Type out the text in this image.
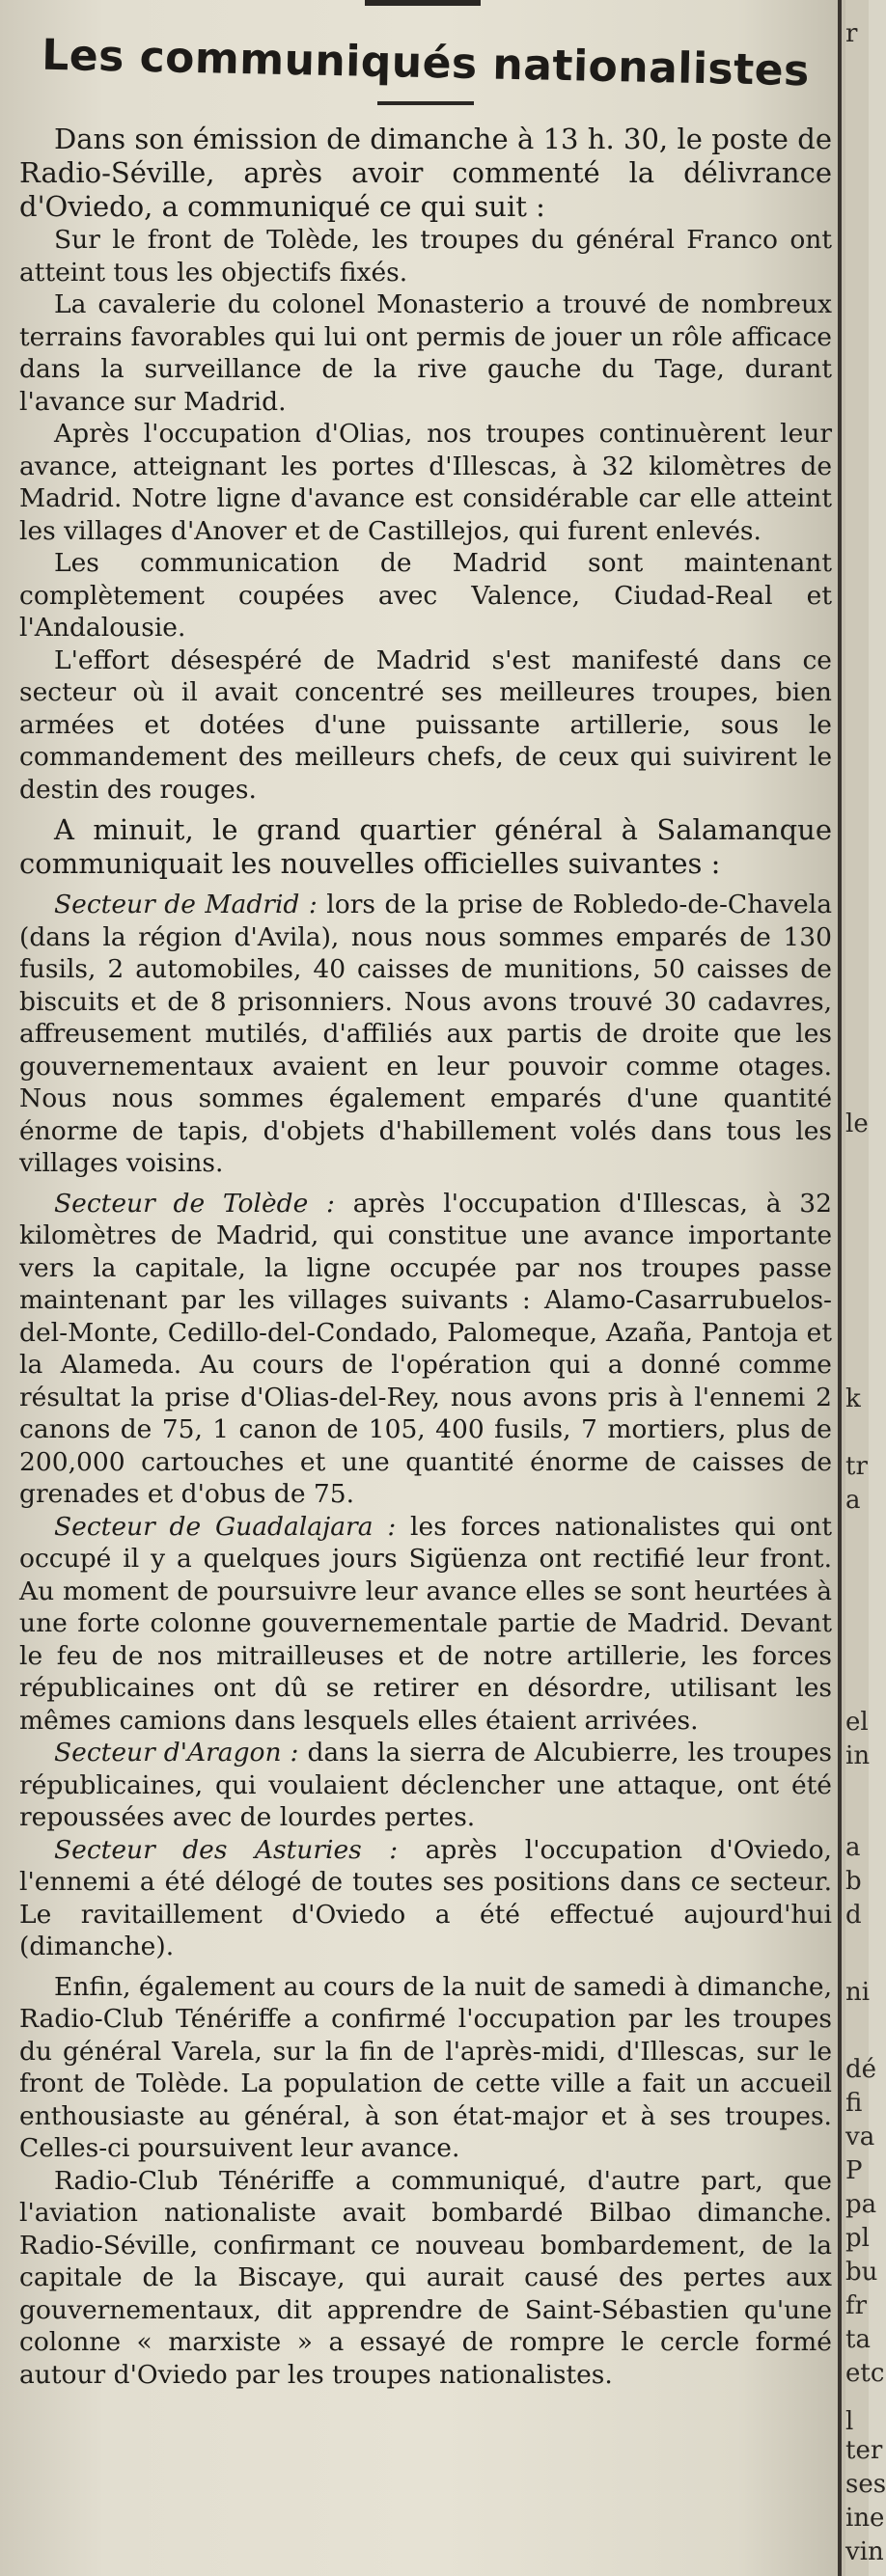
Les communiqués nationalistes

Dans son émission de dimanche à 13 h. 30, le poste de Radio-Séville, après avoir commenté la délivrance d'Oviedo, a communiqué ce qui suit :

Sur le front de Tolède, les troupes du général Franco ont atteint tous les objectifs fixés.

La cavalerie du colonel Monasterio a trouvé de nombreux terrains favorables qui lui ont permis de jouer un rôle afficace dans la surveillance de la rive gauche du Tage, durant l'avance sur Madrid.

Après l'occupation d'Olias, nos troupes continuèrent leur avance, atteignant les portes d'Illescas, à 32 kilomètres de Madrid. Notre ligne d'avance est considérable car elle atteint les villages d'Anover et de Castillejos, qui furent enlevés.

Les communication de Madrid sont maintenant complètement coupées avec Valence, Ciudad-Real et l'Andalousie.

L'effort désespéré de Madrid s'est manifesté dans ce secteur où il avait concentré ses meilleures troupes, bien armées et dotées d'une puissante artillerie, sous le commandement des meilleurs chefs, de ceux qui suivirent le destin des rouges.

A minuit, le grand quartier général à Salamanque communiquait les nouvelles officielles suivantes :

Secteur de Madrid : lors de la prise de Robledo-de-Chavela (dans la région d'Avila), nous nous sommes emparés de 130 fusils, 2 automobiles, 40 caisses de munitions, 50 caisses de biscuits et de 8 prisonniers. Nous avons trouvé 30 cadavres, affreusement mutilés, d'affiliés aux partis de droite que les gouvernementaux avaient en leur pouvoir comme otages. Nous nous sommes également emparés d'une quantité énorme de tapis, d'objets d'habillement volés dans tous les villages voisins.

Secteur de Tolède : après l'occupation d'Illescas, à 32 kilomètres de Madrid, qui constitue une avance importante vers la capitale, la ligne occupée par nos troupes passe maintenant par les villages suivants : Alamo-Casarrubuelos-del-Monte, Cedillo-del-Condado, Palomeque, Azaña, Pantoja et la Alameda. Au cours de l'opération qui a donné comme résultat la prise d'Olias-del-Rey, nous avons pris à l'ennemi 2 canons de 75, 1 canon de 105, 400 fusils, 7 mortiers, plus de 200,000 cartouches et une quantité énorme de caisses de grenades et d'obus de 75.

Secteur de Guadalajara : les forces nationalistes qui ont occupé il y a quelques jours Sigüenza ont rectifié leur front. Au moment de poursuivre leur avance elles se sont heurtées à une forte colonne gouvernementale partie de Madrid. Devant le feu de nos mitrailleuses et de notre artillerie, les forces républicaines ont dû se retirer en désordre, utilisant les mêmes camions dans lesquels elles étaient arrivées.

Secteur d'Aragon : dans la sierra de Alcubierre, les troupes républicaines, qui voulaient déclencher une attaque, ont été repoussées avec de lourdes pertes.

Secteur des Asturies : après l'occupation d'Oviedo, l'ennemi a été délogé de toutes ses positions dans ce secteur. Le ravitaillement d'Oviedo a été effectué aujourd'hui (dimanche).

Enfin, également au cours de la nuit de samedi à dimanche, Radio-Club Ténériffe a confirmé l'occupation par les troupes du général Varela, sur la fin de l'après-midi, d'Illescas, sur le front de Tolède. La population de cette ville a fait un accueil enthousiaste au général, à son état-major et à ses troupes. Celles-ci poursuivent leur avance.

Radio-Club Ténériffe a communiqué, d'autre part, que l'aviation nationaliste avait bombardé Bilbao dimanche. Radio-Séville, confirmant ce nouveau bombardement, de la capitale de la Biscaye, qui aurait causé des pertes aux gouvernementaux, dit apprendre de Saint-Sébastien qu'une colonne « marxiste » a essayé de rompre le cercle formé autour d'Oviedo par les troupes nationalistes.

r
le
k
tr
a
el
in
a
b
d
ni
dé
fi
va
P
pa
pl
bu
fr
ta
etc
l
ter
ses
ine
vin
